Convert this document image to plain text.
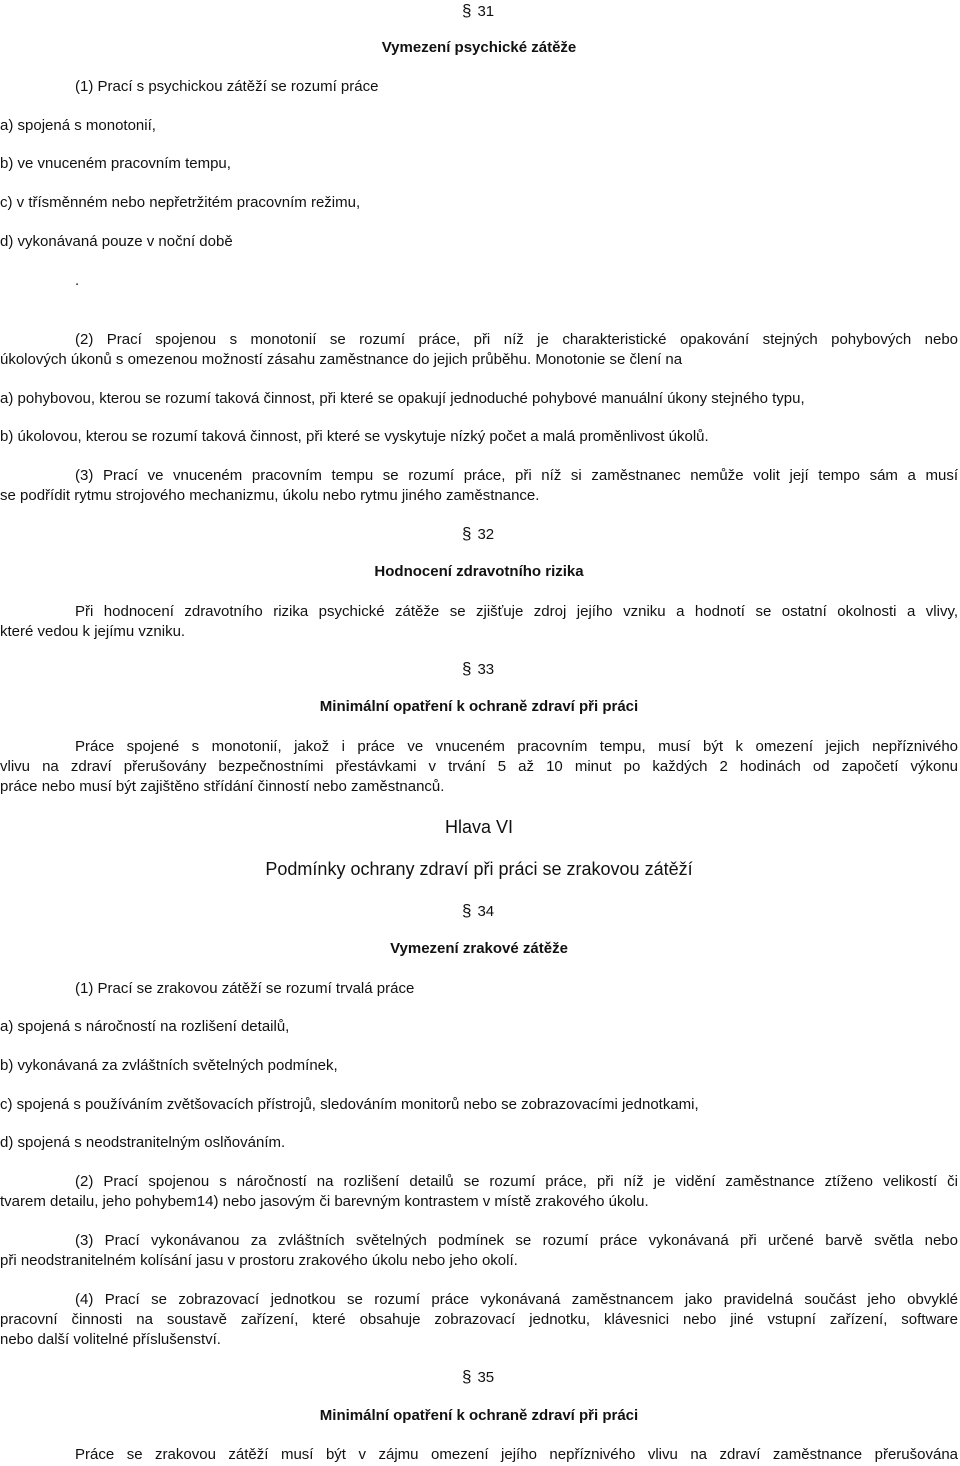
§ 31
Vymezení psychické zátěže
(1) Prací s psychickou zátěží se rozumí práce
a) spojená s monotonií,
b) ve vnuceném pracovním tempu,
c) v třísměnném nebo nepřetržitém pracovním režimu,
d) vykonávaná pouze v noční době
.
(2) Prací spojenou s monotonií se rozumí práce, při níž je charakteristické opakování stejných pohybových nebo
úkolových úkonů s omezenou možností zásahu zaměstnance do jejich průběhu. Monotonie se člení na
a) pohybovou, kterou se rozumí taková činnost, při které se opakují jednoduché pohybové manuální úkony stejného typu,
b) úkolovou, kterou se rozumí taková činnost, při které se vyskytuje nízký počet a malá proměnlivost úkolů.
(3) Prací ve vnuceném pracovním tempu se rozumí práce, při níž si zaměstnanec nemůže volit její tempo sám a musí
se podřídit rytmu strojového mechanizmu, úkolu nebo rytmu jiného zaměstnance.
§ 32
Hodnocení zdravotního rizika
Při hodnocení zdravotního rizika psychické zátěže se zjišťuje zdroj jejího vzniku a hodnotí se ostatní okolnosti a vlivy,
které vedou k jejímu vzniku.
§ 33
Minimální opatření k ochraně zdraví při práci
Práce spojené s monotonií, jakož i práce ve vnuceném pracovním tempu, musí být k omezení jejich nepříznivého
vlivu na zdraví přerušovány bezpečnostními přestávkami v trvání 5 až 10 minut po každých 2 hodinách od započetí výkonu
práce nebo musí být zajištěno střídání činností nebo zaměstnanců.
Hlava VI
Podmínky ochrany zdraví při práci se zrakovou zátěží
§ 34
Vymezení zrakové zátěže
(1) Prací se zrakovou zátěží se rozumí trvalá práce
a) spojená s náročností na rozlišení detailů,
b) vykonávaná za zvláštních světelných podmínek,
c) spojená s používáním zvětšovacích přístrojů, sledováním monitorů nebo se zobrazovacími jednotkami,
d) spojená s neodstranitelným oslňováním.
(2) Prací spojenou s náročností na rozlišení detailů se rozumí práce, při níž je vidění zaměstnance ztíženo velikostí či
tvarem detailu, jeho pohybem14) nebo jasovým či barevným kontrastem v místě zrakového úkolu.
(3) Prací vykonávanou za zvláštních světelných podmínek se rozumí práce vykonávaná při určené barvě světla nebo
při neodstranitelném kolísání jasu v prostoru zrakového úkolu nebo jeho okolí.
(4) Prací se zobrazovací jednotkou se rozumí práce vykonávaná zaměstnancem jako pravidelná součást jeho obvyklé
pracovní činnosti na soustavě zařízení, které obsahuje zobrazovací jednotku, klávesnici nebo jiné vstupní zařízení, software
nebo další volitelné příslušenství.
§ 35
Minimální opatření k ochraně zdraví při práci
Práce se zrakovou zátěží musí být v zájmu omezení jejího nepříznivého vlivu na zdraví zaměstnance přerušována
